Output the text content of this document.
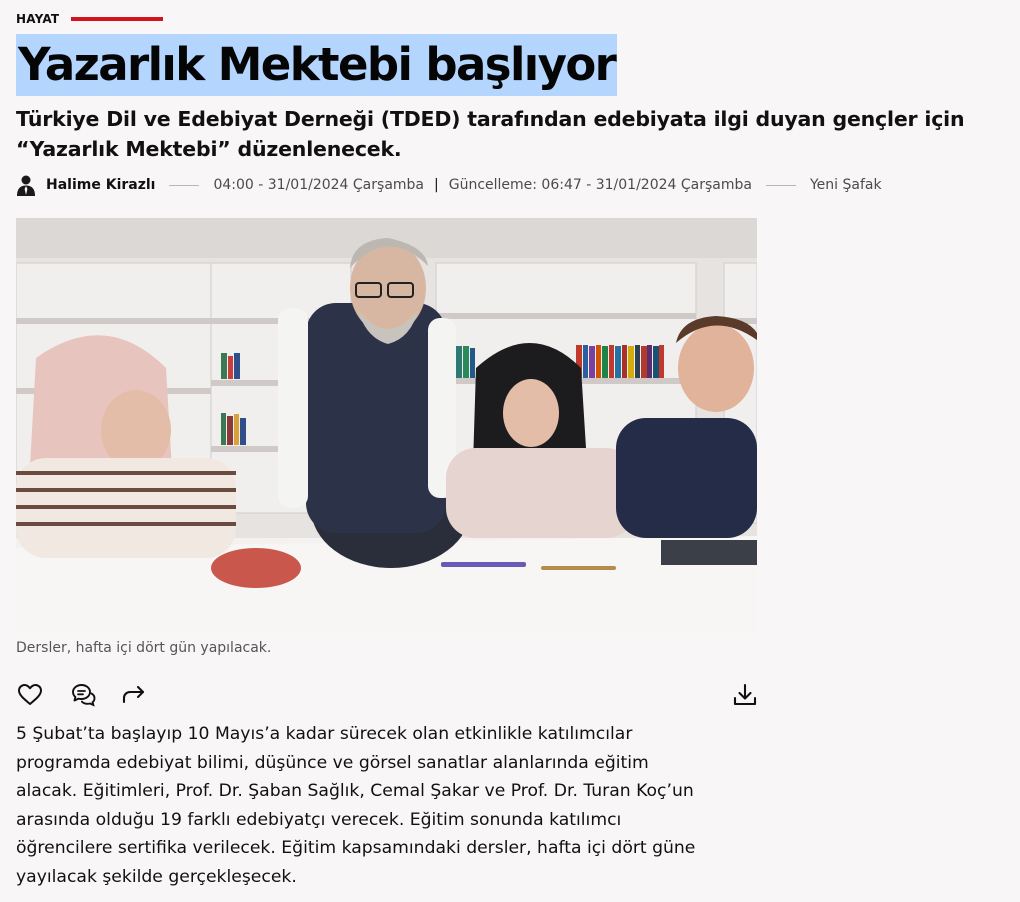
HAYAT
Yazarlık Mektebi başlıyor
Türkiye Dil ve Edebiyat Derneği (TDED) tarafından edebiyata ilgi duyan gençler için “Yazarlık Mektebi” düzenlenecek.
Halime Kirazlı	04:00 - 31/01/2024 Çarşamba | Güncelleme: 06:47 - 31/01/2024 Çarşamba	Yeni Şafak
Dersler, hafta içi dört gün yapılacak.
5 Şubat’ta başlayıp 10 Mayıs’a kadar sürecek olan etkinlikle katılımcılar programda edebiyat bilimi, düşünce ve görsel sanatlar alanlarında eğitim alacak. Eğitimleri, Prof. Dr. Şaban Sağlık, Cemal Şakar ve Prof. Dr. Turan Koç’un arasında olduğu 19 farklı edebiyatçı verecek. Eğitim sonunda katılımcı öğrencilere sertifika verilecek. Eğitim kapsamındaki dersler, hafta içi dört güne yayılacak şekilde gerçekleşecek.
